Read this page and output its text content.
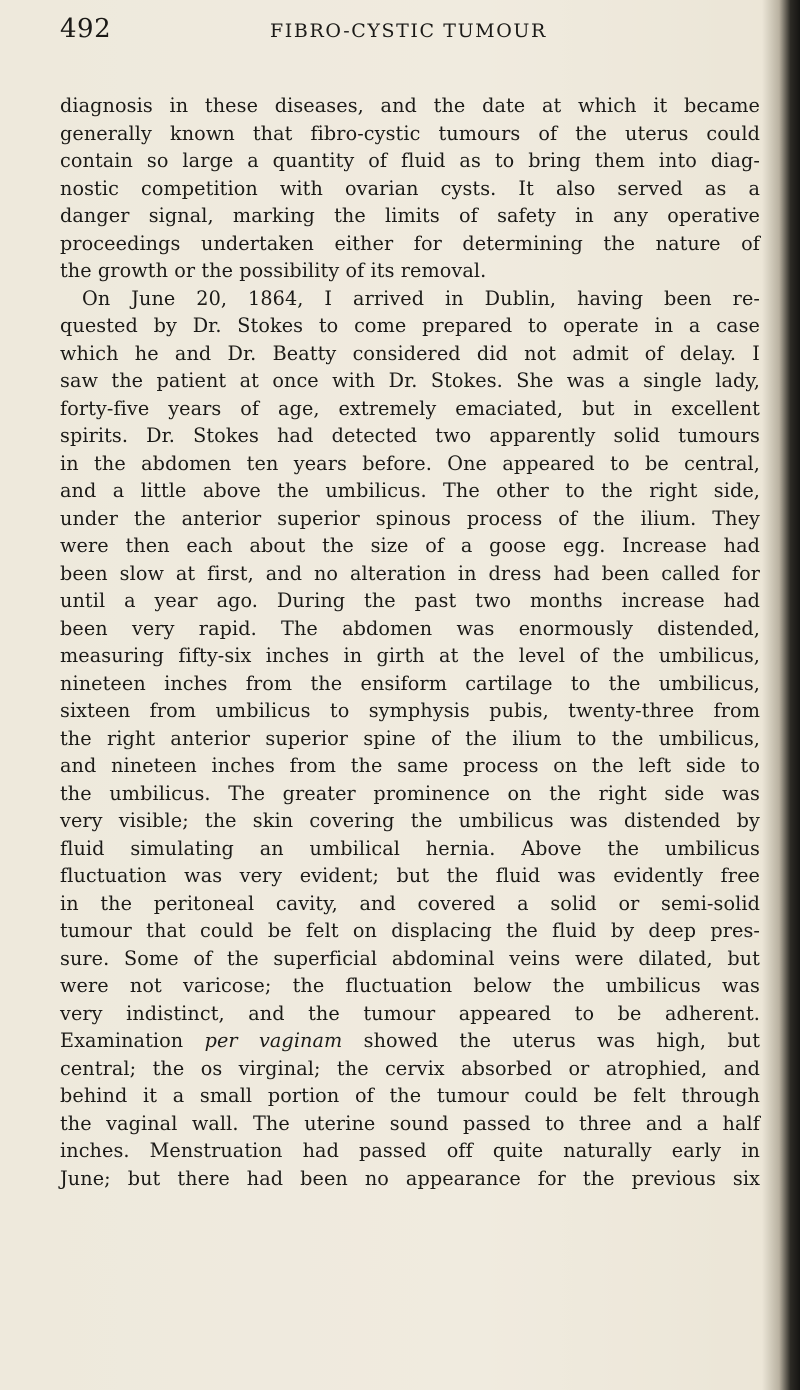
492	FIBRO-CYSTIC TUMOUR
diagnosis in these diseases, and the date at which it became
generally known that fibro-cystic tumours of the uterus could
contain so large a quantity of fluid as to bring them into diag-
nostic competition with ovarian cysts. It also served as a
danger signal, marking the limits of safety in any operative
proceedings undertaken either for determining the nature of
the growth or the possibility of its removal.
On June 20, 1864, I arrived in Dublin, having been re-
quested by Dr. Stokes to come prepared to operate in a case
which he and Dr. Beatty considered did not admit of delay. I
saw the patient at once with Dr. Stokes. She was a single lady,
forty-five years of age, extremely emaciated, but in excellent
spirits. Dr. Stokes had detected two apparently solid tumours
in the abdomen ten years before. One appeared to be central,
and a little above the umbilicus. The other to the right side,
under the anterior superior spinous process of the ilium. They
were then each about the size of a goose egg. Increase had
been slow at first, and no alteration in dress had been called for
until a year ago. During the past two months increase had
been very rapid. The abdomen was enormously distended,
measuring fifty-six inches in girth at the level of the umbilicus,
nineteen inches from the ensiform cartilage to the umbilicus,
sixteen from umbilicus to symphysis pubis, twenty-three from
the right anterior superior spine of the ilium to the umbilicus,
and nineteen inches from the same process on the left side to
the umbilicus. The greater prominence on the right side was
very visible; the skin covering the umbilicus was distended by
fluid simulating an umbilical hernia. Above the umbilicus
fluctuation was very evident; but the fluid was evidently free
in the peritoneal cavity, and covered a solid or semi-solid
tumour that could be felt on displacing the fluid by deep pres-
sure. Some of the superficial abdominal veins were dilated, but
were not varicose; the fluctuation below the umbilicus was
very indistinct, and the tumour appeared to be adherent.
Examination per vaginam showed the uterus was high, but
central; the os virginal; the cervix absorbed or atrophied, and
behind it a small portion of the tumour could be felt through
the vaginal wall. The uterine sound passed to three and a half
inches. Menstruation had passed off quite naturally early in
June; but there had been no appearance for the previous six
